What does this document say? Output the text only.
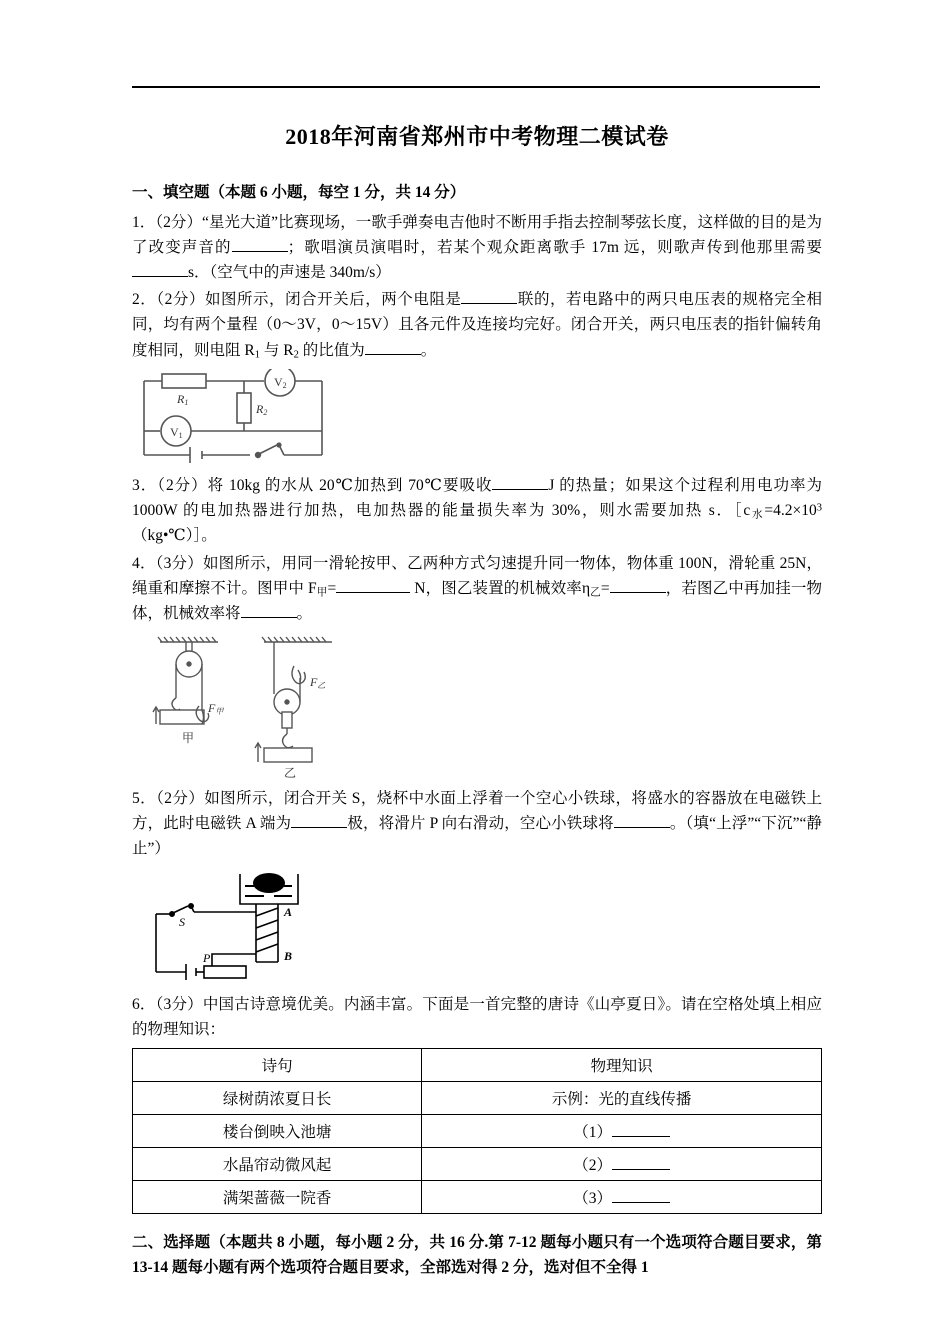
2018年河南省郑州市中考物理二模试卷
一、填空题（本题 6 小题，每空 1 分，共 14 分）

1．（2分）“星光大道”比赛现场，一歌手弹奏电吉他时不断用手指去控制琴弦长度，这样做的目的是为了改变声音的	；歌唱演员演唱时，若某个观众距离歌手 17m 远，则歌声传到他那里需要s．（空气中的声速是 340m/s）

2．（2分）如图所示，闭合开关后，两个电阻是	联的，若电路中的两只电压表的规格完全相同，均有两个量程（0～3V，0～15V）且各元件及连接均完好。闭合开关，两只电压表的指针偏转角度相同，则电阻 $R_1$ 与 $R_2$ 的比值为	。

R1	R2
V1
V2

3．（2分）将 10kg 的水从 20℃加热到 70℃要吸收	J 的热量；如果这个过程利用电功率为 1000W 的电加热器进行加热，电加热器的能量损失率为 30%，则水需要加热 s．$[c_水=4.2\times 10^3(kg•℃)]$。

4．（3分）如图所示，用同一滑轮按甲、乙两种方式匀速提升同一物体，物体重 100N，滑轮重 25N，绳重和摩擦不计。图甲中 $F_甲=$	N，图乙装置的机械效率$\eta_乙=$	，若图乙中再加挂一物体，机械效率将	。

甲
乙
F甲
F乙

5．（2分）如图所示，闭合开关 S，烧杯中水面上浮着一个空心小铁球，将盛水的容器放在电磁铁上方，此时电磁铁 A 端为	极，将滑片 P 向右滑动，空心小铁球将	。（填“上浮”“下沉”“静止”）

S
P
A
B

6．（3分）中国古诗意境优美。内涵丰富。下面是一首完整的唐诗《山亭夏日》。请在空格处填上相应的物理知识：

诗句	物理知识
绿树荫浓夏日长	示例：光的直线传播
楼台倒映入池塘	（1）
水晶帘动微风起	（2）
满架蔷薇一院香	（3）
二、选择题（本题共 8 小题，每小题 2 分，共 16 分.第 7-12 题每小题只有一个选项符合题目要求，第 13-14 题每小题有两个选项符合题目要求，全部选对得 2 分，选对但不全得 1
